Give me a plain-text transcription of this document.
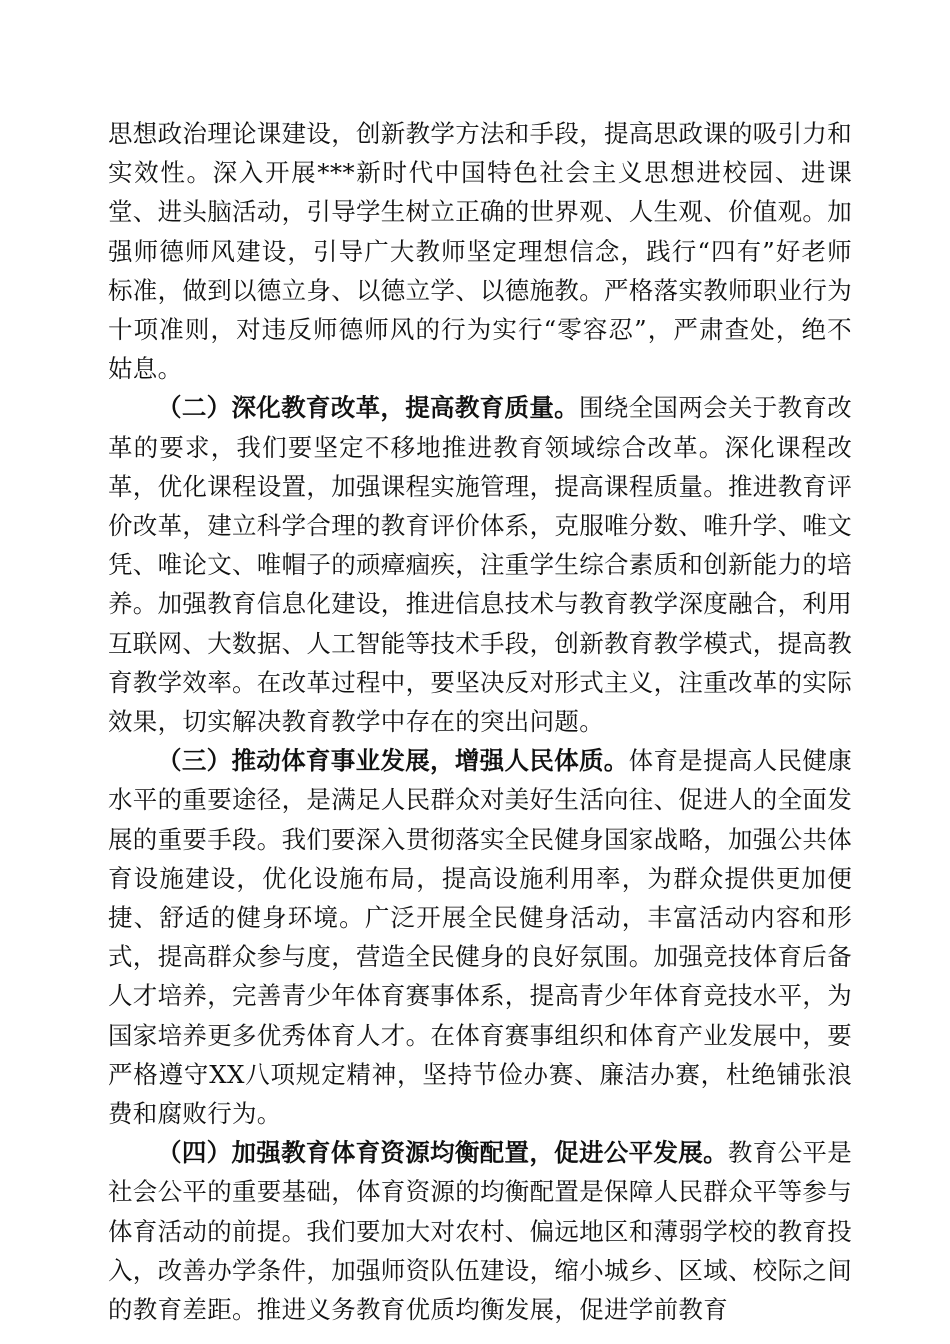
思想政治理论课建设，创新教学方法和手段，提高思政课的吸引力和实效性。深入开展***新时代中国特色社会主义思想进校园、进课堂、进头脑活动，引导学生树立正确的世界观、人生观、价值观。加强师德师风建设，引导广大教师坚定理想信念，践行“四有”好老师标准，做到以德立身、以德立学、以德施教。严格落实教师职业行为十项准则，对违反师德师风的行为实行“零容忍”，严肃查处，绝不姑息。

（二）深化教育改革，提高教育质量。围绕全国两会关于教育改革的要求，我们要坚定不移地推进教育领域综合改革。深化课程改革，优化课程设置，加强课程实施管理，提高课程质量。推进教育评价改革，建立科学合理的教育评价体系，克服唯分数、唯升学、唯文凭、唯论文、唯帽子的顽瘴痼疾，注重学生综合素质和创新能力的培养。加强教育信息化建设，推进信息技术与教育教学深度融合，利用互联网、大数据、人工智能等技术手段，创新教育教学模式，提高教育教学效率。在改革过程中，要坚决反对形式主义，注重改革的实际效果，切实解决教育教学中存在的突出问题。

（三）推动体育事业发展，增强人民体质。体育是提高人民健康水平的重要途径，是满足人民群众对美好生活向往、促进人的全面发展的重要手段。我们要深入贯彻落实全民健身国家战略，加强公共体育设施建设，优化设施布局，提高设施利用率，为群众提供更加便捷、舒适的健身环境。广泛开展全民健身活动，丰富活动内容和形式，提高群众参与度，营造全民健身的良好氛围。加强竞技体育后备人才培养，完善青少年体育赛事体系，提高青少年体育竞技水平，为国家培养更多优秀体育人才。在体育赛事组织和体育产业发展中，要严格遵守XX八项规定精神，坚持节俭办赛、廉洁办赛，杜绝铺张浪费和腐败行为。

（四）加强教育体育资源均衡配置，促进公平发展。教育公平是社会公平的重要基础，体育资源的均衡配置是保障人民群众平等参与体育活动的前提。我们要加大对农村、偏远地区和薄弱学校的教育投入，改善办学条件，加强师资队伍建设，缩小城乡、区域、校际之间的教育差距。推进义务教育优质均衡发展，促进学前教育
